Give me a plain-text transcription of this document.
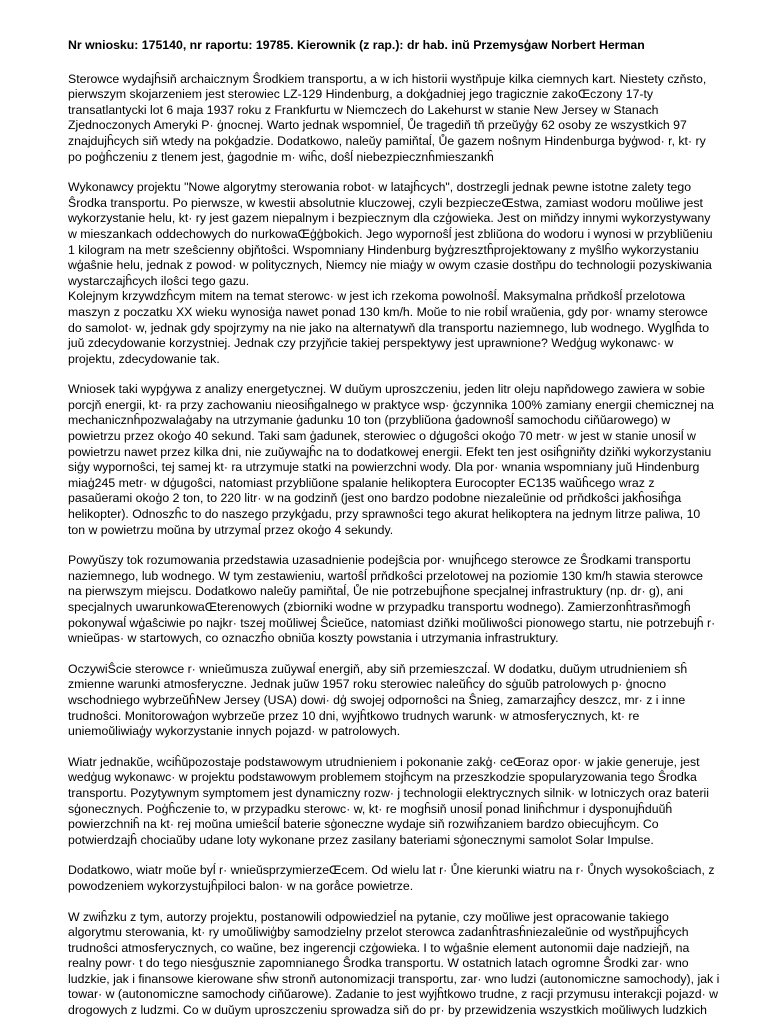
Nr wniosku: 175140, nr raportu: 19785. Kierownik (z rap.): dr hab. inŭ Przemysģaw Norbert Herman

Sterowce wydajĥsiň archaicznym Ŝrodkiem transportu, a w ich historii wystňpuje kilka ciemnych kart. Niestety czňsto, pierwszym skojarzeniem jest sterowiec LZ-129 Hindenburg, a dokģadniej jego tragicznie zakoŒczony 17-ty transatlantycki lot 6 maja 1937 roku z Frankfurtu w Niemczech do Lakehurst w stanie New Jersey w Stanach Zjednoczonych Ameryki P· ģnocnej. Warto jednak wspomnieĺ, Ůe tragediň tň przeŭyģy 62 osoby ze wszystkich 97 znajdujĥcych siň wtedy na pokģadzie. Dodatkowo, naleŭy pamiňtaĺ, Ůe gazem noŝnym Hindenburga byģwod· r, kt· ry po poģĥczeniu z tlenem jest, ģagodnie m· wiĥc, doŝĺ niebezpiecznĥmieszankĥ

Wykonawcy projektu "Nowe algorytmy sterowania robot· w latajĥcych", dostrzegli jednak pewne istotne zalety tego Ŝrodka transportu. Po pierwsze, w kwestii absolutnie kluczowej, czyli bezpieczeŒstwa, zamiast wodoru moŭliwe jest wykorzystanie helu, kt· ry jest gazem niepalnym i bezpiecznym dla czģowieka. Jest on miňdzy innymi wykorzystywany w mieszankach oddechowych do nurkowaŒģģbokich. Jego wypornoŝĺ jest zbliŭona do wodoru i wynosi w przybliŭeniu 1 kilogram na metr szeŝcienny objňtoŝci. Wspomniany Hindenburg byģzresztĥprojektowany z myŝlĥo wykorzystaniu wģaŝnie helu, jednak z powod· w politycznych, Niemcy nie miaģy w owym czasie dostňpu do technologii pozyskiwania wystarczajĥcych iloŝci tego gazu.

Kolejnym krzywdzĥcym mitem na temat sterowc· w jest ich rzekoma powolnoŝĺ. Maksymalna prňdkoŝĺ przelotowa maszyn z poczatku XX wieku wynosiģa nawet ponad 130 km/h. Moŭe to nie robiĺ wraŭenia, gdy por· wnamy sterowce do samolot· w, jednak gdy spojrzymy na nie jako na alternatywň dla transportu naziemnego, lub wodnego. Wyglĥda to juŭ zdecydowanie korzystniej. Jednak czy przyjňcie takiej perspektywy jest uprawnione? Wedģug wykonawc· w projektu, zdecydowanie tak.

Wniosek taki wypģywa z analizy energetycznej. W duŭym uproszczeniu, jeden litr oleju napňdowego zawiera w sobie porcjň energii, kt· ra przy zachowaniu nieosiĥgalnego w praktyce wsp· ģczynnika 100% zamiany energii chemicznej na mechanicznĥpozwalaģaby na utrzymanie ģadunku 10 ton (przybliŭona ģadownoŝĺ samochodu ciňŭarowego) w powietrzu przez okoģo 40 sekund. Taki sam ģadunek, sterowiec o dģugoŝci okoģo 70 metr· w jest w stanie unosiĺ w powietrzu nawet przez kilka dni, nie zuŭywajĥc na to dodatkowej energii. Efekt ten jest osiĥgniňty dziňki wykorzystaniu siģy wypornoŝci, tej samej kt· ra utrzymuje statki na powierzchni wody. Dla por· wnania wspomniany juŭ Hindenburg miaģ245 metr· w dģugoŝci, natomiast przybliŭone spalanie helikoptera Eurocopter EC135 waŭĥcego wraz z pasaŭerami okoģo 2 ton, to 220 litr· w na godzinň (jest ono bardzo podobne niezaleŭnie od prňdkoŝci jakĥosiĥga helikopter). Odnoszĥc to do naszego przykģadu, przy sprawnoŝci tego akurat helikoptera na jednym litrze paliwa, 10 ton w powietrzu moŭna by utrzymaĺ przez okoģo 4 sekundy.

Powyŭszy tok rozumowania przedstawia uzasadnienie podejŝcia por· wnujĥcego sterowce ze Ŝrodkami transportu naziemnego, lub wodnego. W tym zestawieniu, wartoŝĺ prňdkoŝci przelotowej na poziomie 130 km/h stawia sterowce na pierwszym miejscu. Dodatkowo naleŭy pamiňtaĺ, Ůe nie potrzebujĥone specjalnej infrastruktury (np. dr· g), ani specjalnych uwarunkowaŒterenowych (zbiorniki wodne w przypadku transportu wodnego). Zamierzonĥtrasňmogĥ pokonywaĺ wģaŝciwie po najkr· tszej moŭliwej Ŝcieŭce, natomiast dziňki moŭliwoŝci pionowego startu, nie potrzebujĥ r· wnieŭpas· w startowych, co oznaczĥo obniŭa koszty powstania i utrzymania infrastruktury.

OczywiŜcie sterowce r· wnieŭmusza zuŭywaĺ energiň, aby siň przemieszczaĺ. W dodatku, duŭym utrudnieniem sĥ zmienne warunki atmosferyczne. Jednak juŭw 1957 roku sterowiec naleŭĥcy do sģuŭb patrolowych p· ģnocno wschodniego wybrzeŭĥNew Jersey (USA) dowi· dģ swojej odpornoŝci na Ŝnieg, zamarzajĥcy deszcz, mr· z i inne trudnoŝci. Monitorowaģon wybrzeŭe przez 10 dni, wyjĥtkowo trudnych warunk· w atmosferycznych, kt· re uniemoŭliwiaģy wykorzystanie innych pojazd· w patrolowych.

Wiatr jednakŭe, wciĥŭpozostaje podstawowym utrudnieniem i pokonanie zakģ· ceŒoraz opor· w jakie generuje, jest wedģug wykonawc· w projektu podstawowym problemem stojĥcym na przeszkodzie spopularyzowania tego Ŝrodka transportu. Pozytywnym symptomem jest dynamiczny rozw· j technologii elektrycznych silnik· w lotniczych oraz baterii sģonecznych. Poģĥczenie to, w przypadku sterowc· w, kt· re mogĥsiň unosiĺ ponad liniĥchmur i dysponujĥduŭĥ powierzchniĥ na kt· rej moŭna umieŝciĺ baterie sģoneczne wydaje siň rozwiĥzaniem bardzo obiecujĥcym. Co potwierdzajĥ chociaŭby udane loty wykonane przez zasilany bateriami sģonecznymi samolot Solar Impulse.

Dodatkowo, wiatr moŭe byĺ r· wnieŭsprzymierzeŒcem. Od wielu lat r· Ůne kierunki wiatru na r· Ůnych wysokoŝciach, z powodzeniem wykorzystujĥpiloci balon· w na goråce powietrze.

W zwiĥzku z tym, autorzy projektu, postanowili odpowiedzieĺ na pytanie, czy moŭliwe jest opracowanie takiego algorytmu sterowania, kt· ry umoŭliwiģby samodzielny przelot sterowca zadanĥtrasĥniezaleŭnie od wystňpujĥcych trudnoŝci atmosferycznych, co waŭne, bez ingerencji czģowieka. I to wģaŝnie element autonomii daje nadziejň, na realny powr· t do tego niesģusznie zapomnianego Ŝrodka transportu. W ostatnich latach ogromne Ŝrodki zar· wno ludzkie, jak i finansowe kierowane sĥw stronň autonomizacji transportu, zar· wno ludzi (autonomiczne samochody), jak i towar· w (autonomiczne samochody ciňŭarowe). Zadanie to jest wyjĥtkowo trudne, z racji przymusu interakcji pojazd· w drogowych z ludzmi. Co w duŭym uproszczeniu sprowadza siň do pr· by przewidzenia wszystkich moŭliwych ludzkich
